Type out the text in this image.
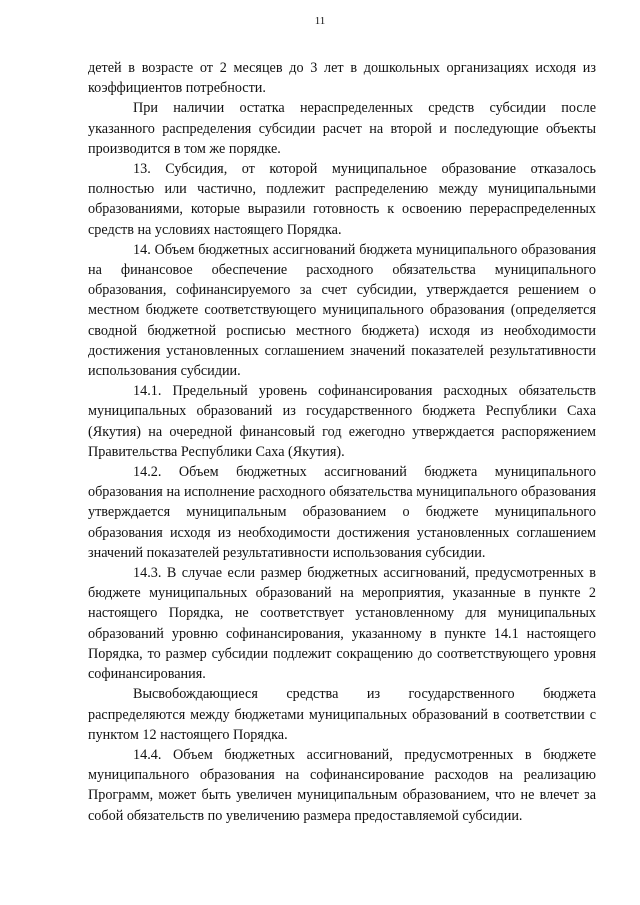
11

детей в возрасте от 2 месяцев до 3 лет в дошкольных организациях исходя из коэффициентов потребности.

При наличии остатка нераспределенных средств субсидии после указанного распределения субсидии расчет на второй и последующие объекты производится в том же порядке.

13. Субсидия, от которой муниципальное образование отказалось полностью или частично, подлежит распределению между муниципальными образованиями, которые выразили готовность к освоению перераспределенных средств на условиях настоящего Порядка.

14. Объем бюджетных ассигнований бюджета муниципального образования на финансовое обеспечение расходного обязательства муниципального образования, софинансируемого за счет субсидии, утверждается решением о местном бюджете соответствующего муниципального образования (определяется сводной бюджетной росписью местного бюджета) исходя из необходимости достижения установленных соглашением значений показателей результативности использования субсидии.

14.1. Предельный уровень софинансирования расходных обязательств муниципальных образований из государственного бюджета Республики Саха (Якутия) на очередной финансовый год ежегодно утверждается распоряжением Правительства Республики Саха (Якутия).

14.2. Объем бюджетных ассигнований бюджета муниципального образования на исполнение расходного обязательства муниципального образования утверждается муниципальным образованием о бюджете муниципального образования исходя из необходимости достижения установленных соглашением значений показателей результативности использования субсидии.

14.3. В случае если размер бюджетных ассигнований, предусмотренных в бюджете муниципальных образований на мероприятия, указанные в пункте 2 настоящего Порядка, не соответствует установленному для муниципальных образований уровню софинансирования, указанному в пункте 14.1 настоящего Порядка, то размер субсидии подлежит сокращению до соответствующего уровня софинансирования.

Высвобождающиеся средства из государственного бюджета распределяются между бюджетами муниципальных образований в соответствии с пунктом 12 настоящего Порядка.

14.4. Объем бюджетных ассигнований, предусмотренных в бюджете муниципального образования на софинансирование расходов на реализацию Программ, может быть увеличен муниципальным образованием, что не влечет за собой обязательств по увеличению размера предоставляемой субсидии.
